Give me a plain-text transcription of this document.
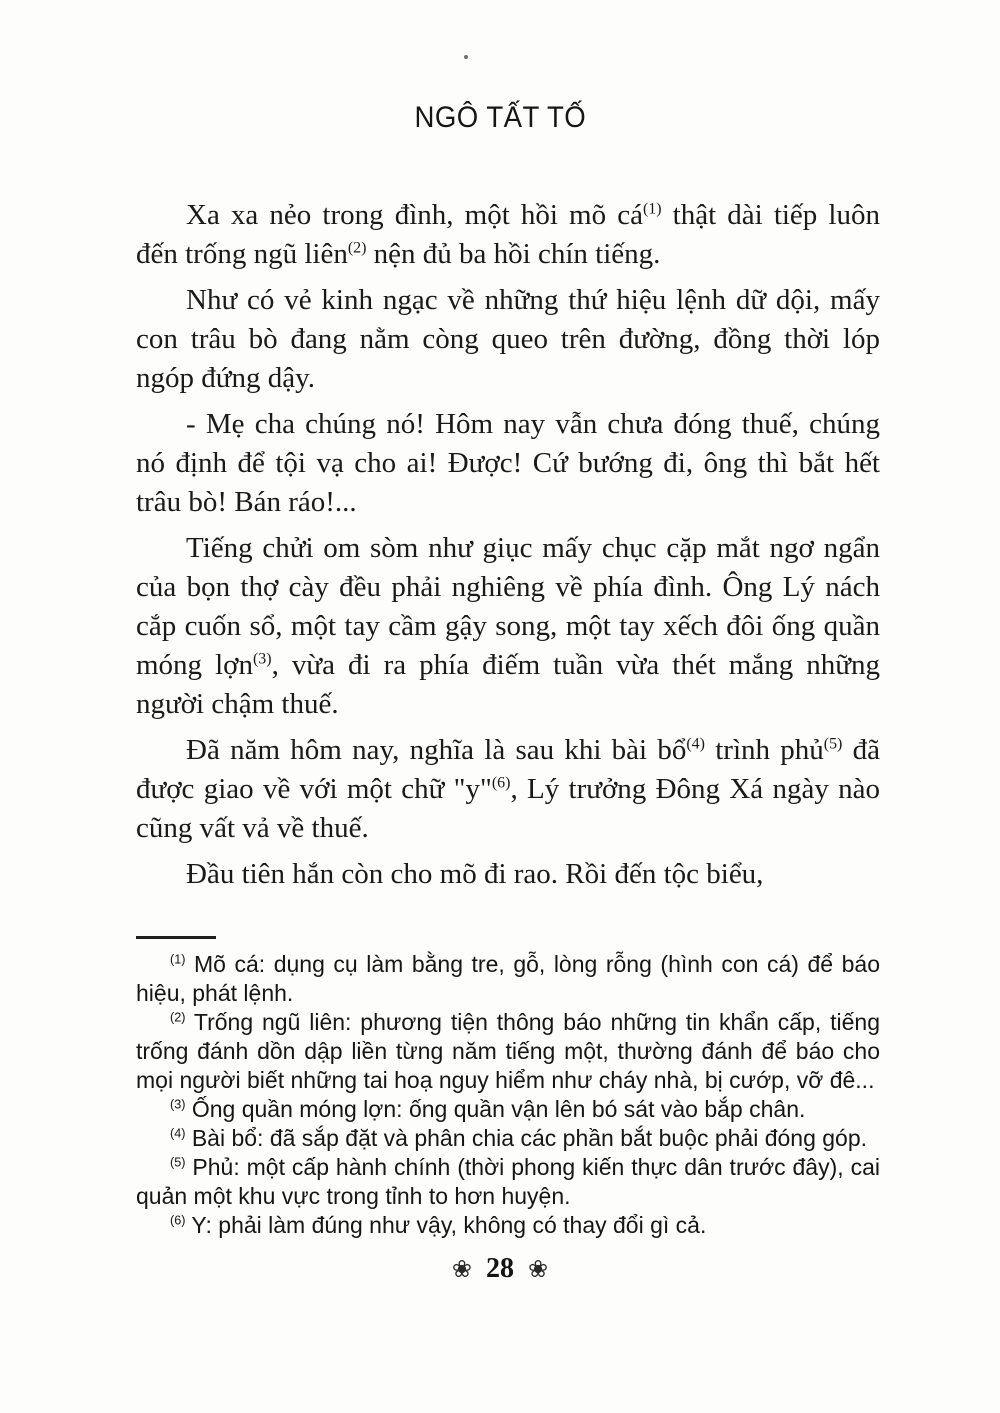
NGÔ TẤT TỐ

Xa xa nẻo trong đình, một hồi mõ cá$^{(1)}$ thật dài tiếp luôn đến trống ngũ liên$^{(2)}$ nện đủ ba hồi chín tiếng.

Như có vẻ kinh ngạc về những thứ hiệu lệnh dữ dội, mấy con trâu bò đang nằm còng queo trên đường, đồng thời lóp ngóp đứng dậy.

- Mẹ cha chúng nó! Hôm nay vẫn chưa đóng thuế, chúng nó định để tội vạ cho ai! Được! Cứ bướng đi, ông thì bắt hết trâu bò! Bán ráo!...

Tiếng chửi om sòm như giục mấy chục cặp mắt ngơ ngẩn của bọn thợ cày đều phải nghiêng về phía đình. Ông Lý nách cắp cuốn sổ, một tay cầm gậy song, một tay xếch đôi ống quần móng lợn$^{(3)}$, vừa đi ra phía điếm tuần vừa thét mắng những người chậm thuế.

Đã năm hôm nay, nghĩa là sau khi bài bổ$^{(4)}$ trình phủ$^{(5)}$ đã được giao về với một chữ "y"$^{(6)}$, Lý trưởng Đông Xá ngày nào cũng vất vả về thuế.

Đầu tiên hắn còn cho mõ đi rao. Rồi đến tộc biểu,

$^{(1)}$ Mõ cá: dụng cụ làm bằng tre, gỗ, lòng rỗng (hình con cá) để báo hiệu, phát lệnh.

$^{(2)}$ Trống ngũ liên: phương tiện thông báo những tin khẩn cấp, tiếng trống đánh dồn dập liền từng năm tiếng một, thường đánh để báo cho mọi người biết những tai hoạ nguy hiểm như cháy nhà, bị cướp, vỡ đê...

$^{(3)}$ Ống quần móng lợn: ống quần vận lên bó sát vào bắp chân.

$^{(4)}$ Bài bổ: đã sắp đặt và phân chia các phần bắt buộc phải đóng góp.

$^{(5)}$ Phủ: một cấp hành chính (thời phong kiến thực dân trước đây), cai quản một khu vực trong tỉnh to hơn huyện.

$^{(6)}$ Y: phải làm đúng như vậy, không có thay đổi gì cả.

❀ 28 ❀
